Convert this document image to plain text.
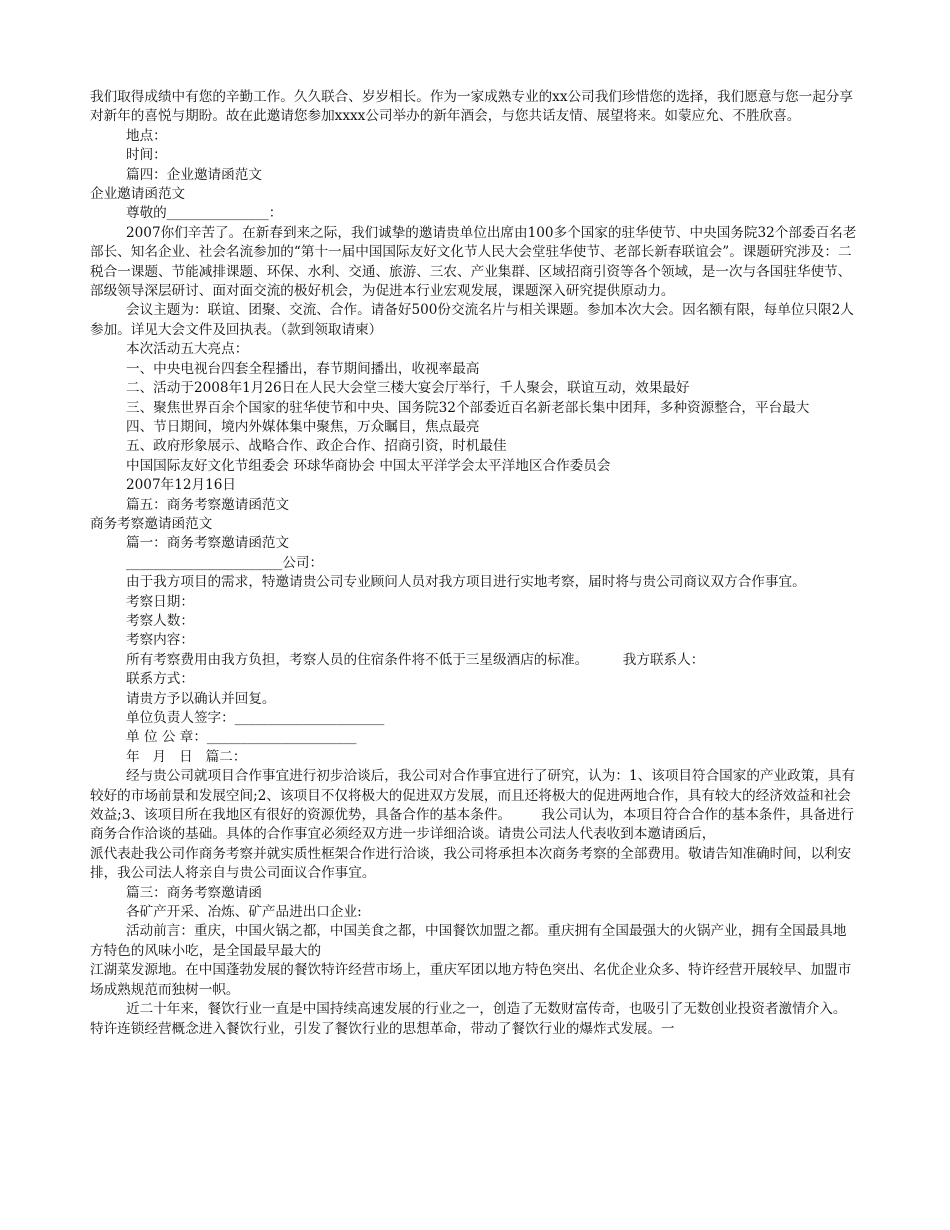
我们取得成绩中有您的辛勤工作。久久联合、岁岁相长。作为一家成熟专业的xx公司我们珍惜您的选择，我们愿意与您一起分享对新年的喜悦与期盼。故在此邀请您参加xxxx公司举办的新年酒会，与您共话友情、展望将来。如蒙应允、不胜欣喜。

地点：

时间：

篇四：企业邀请函范文

企业邀请函范文

尊敬的_______________：

2007你们辛苦了。在新春到来之际，我们诚挚的邀请贵单位出席由100多个国家的驻华使节、中央国务院32个部委百名老部长、知名企业、社会名流参加的“第十一届中国国际友好文化节人民大会堂驻华使节、老部长新春联谊会”。课题研究涉及：二税合一课题、节能减排课题、环保、水利、交通、旅游、三农、产业集群、区域招商引资等各个领域，是一次与各国驻华使节、部级领导深层研讨、面对面交流的极好机会，为促进本行业宏观发展，课题深入研究提供原动力。

会议主题为：联谊、团聚、交流、合作。请备好500份交流名片与相关课题。参加本次大会。因名额有限，每单位只限2人参加。详见大会文件及回执表。（款到领取请柬）

本次活动五大亮点：

一、中央电视台四套全程播出，春节期间播出，收视率最高

二、活动于2008年1月26日在人民大会堂三楼大宴会厅举行，千人聚会，联谊互动，效果最好

三、聚焦世界百余个国家的驻华使节和中央、国务院32个部委近百名新老部长集中团拜，多种资源整合，平台最大

四、节日期间，境内外媒体集中聚焦，万众瞩目，焦点最亮

五、政府形象展示、战略合作、政企合作、招商引资，时机最佳

中国国际友好文化节组委会 环球华商协会 中国太平洋学会太平洋地区合作委员会

2007年12月16日

篇五：商务考察邀请函范文

商务考察邀请函范文

篇一：商务考察邀请函范文

_______________________公司：

由于我方项目的需求，特邀请贵公司专业顾问人员对我方项目进行实地考察，届时将与贵公司商议双方合作事宜。

考察日期：

考察人数：

考察内容：

所有考察费用由我方负担，考察人员的住宿条件将不低于三星级酒店的标准。        我方联系人：

联系方式：

请贵方予以确认并回复。

单位负责人签字：______________________

单 位 公 章：______________________

年   月   日   篇二：

经与贵公司就项目合作事宜进行初步洽谈后，我公司对合作事宜进行了研究，认为：1、该项目符合国家的产业政策，具有较好的市场前景和发展空间;2、该项目不仅将极大的促进双方发展，而且还将极大的促进两地合作，具有较大的经济效益和社会效益;3、该项目所在我地区有很好的资源优势，具备合作的基本条件。       我公司认为，本项目符合合作的基本条件，具备进行商务合作洽谈的基础。具体的合作事宜必须经双方进一步详细洽谈。请贵公司法人代表收到本邀请函后，

派代表赴我公司作商务考察并就实质性框架合作进行洽谈，我公司将承担本次商务考察的全部费用。敬请告知准确时间，以利安排，我公司法人将亲自与贵公司面议合作事宜。

篇三：商务考察邀请函

各矿产开采、冶炼、矿产品进出口企业:

活动前言：重庆，中国火锅之都，中国美食之都，中国餐饮加盟之都。重庆拥有全国最强大的火锅产业，拥有全国最具地方特色的风味小吃，是全国最早最大的

江湖菜发源地。在中国蓬勃发展的餐饮特许经营市场上，重庆军团以地方特色突出、名优企业众多、特许经营开展较早、加盟市场成熟规范而独树一帜。

近二十年来，餐饮行业一直是中国持续高速发展的行业之一，创造了无数财富传奇，也吸引了无数创业投资者激情介入。特许连锁经营概念进入餐饮行业，引发了餐饮行业的思想革命，带动了餐饮行业的爆炸式发展。一
